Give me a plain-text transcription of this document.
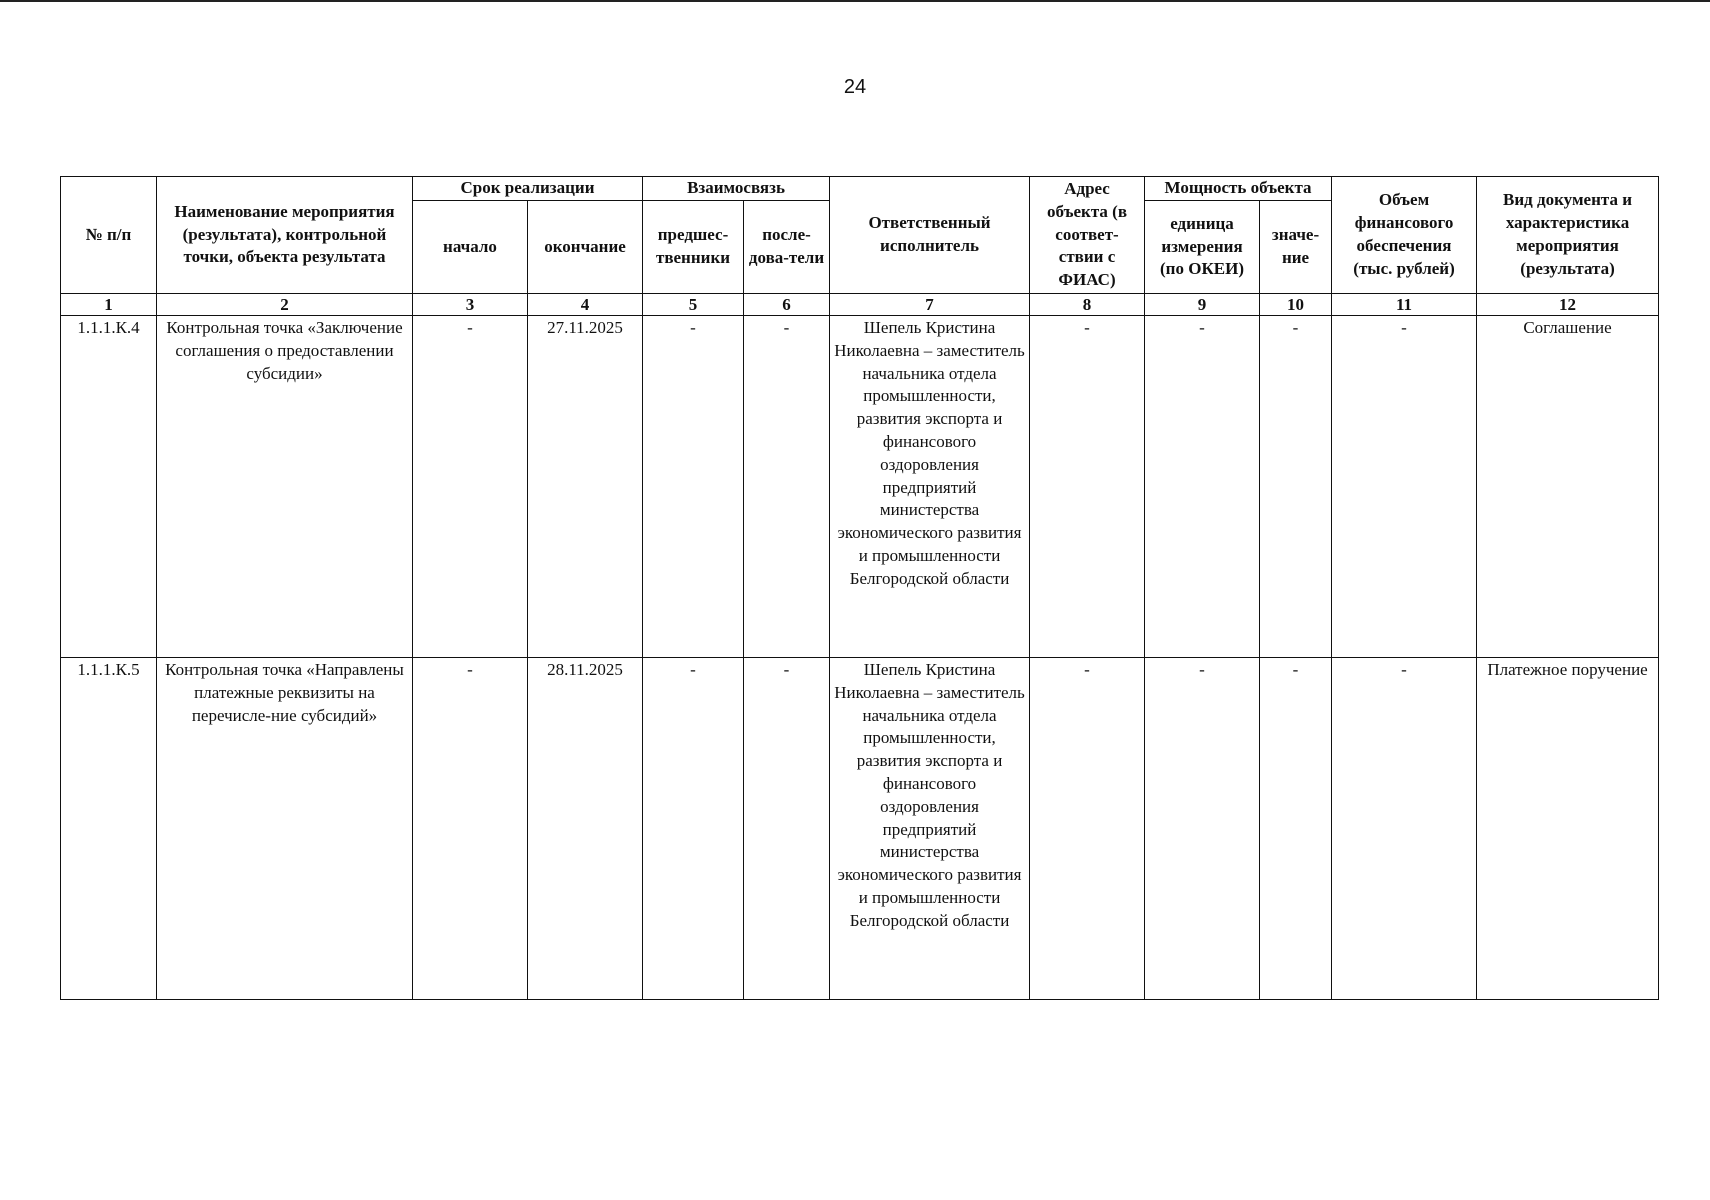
24
№ п/п	Наименование мероприятия (результата), контрольной точки, объекта результата	Срок реализации		Взаимосвязь		Ответственный исполнитель	Адрес объекта (в соответ-ствии с ФИАС)	Мощность объекта		Объем финансового обеспечения (тыс. рублей)	Вид документа и характеристика мероприятия (результата)
		начало	окончание	предшес-твенники	после-дова-тели			единица измерения (по ОКЕИ)	значе-ние		
1	2	3	4	5	6	7	8	9	10	11	12
1.1.1.К.4	Контрольная точка «Заключение соглашения о предоставлении субсидии»	-	27.11.2025	-	-	Шепель Кристина Николаевна – заместитель начальника отдела промышленности, развития экспорта и финансового оздоровления предприятий министерства экономического развития и промышленности Белгородской области	-	-	-	-	Соглашение
1.1.1.К.5	Контрольная точка «Направлены платежные реквизиты на перечисле-ние субсидий»	-	28.11.2025	-	-	Шепель Кристина Николаевна – заместитель начальника отдела промышленности, развития экспорта и финансового оздоровления предприятий министерства экономического развития и промышленности Белгородской области	-	-	-	-	Платежное поручение
